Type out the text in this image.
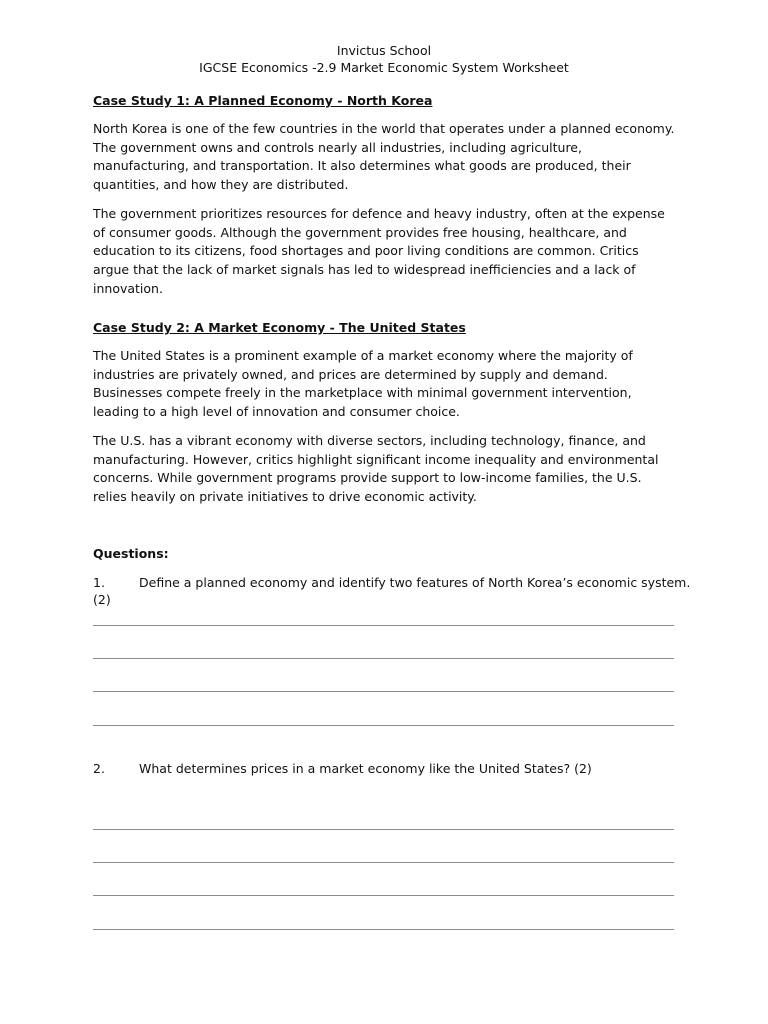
Invictus School

IGCSE Economics -2.9 Market Economic System Worksheet

Case Study 1: A Planned Economy - North Korea

North Korea is one of the few countries in the world that operates under a planned economy. The government owns and controls nearly all industries, including agriculture, manufacturing, and transportation. It also determines what goods are produced, their quantities, and how they are distributed.

The government prioritizes resources for defence and heavy industry, often at the expense of consumer goods. Although the government provides free housing, healthcare, and education to its citizens, food shortages and poor living conditions are common. Critics argue that the lack of market signals has led to widespread inefficiencies and a lack of innovation.

Case Study 2: A Market Economy - The United States

The United States is a prominent example of a market economy where the majority of industries are privately owned, and prices are determined by supply and demand. Businesses compete freely in the marketplace with minimal government intervention, leading to a high level of innovation and consumer choice.

The U.S. has a vibrant economy with diverse sectors, including technology, finance, and manufacturing. However, critics highlight significant income inequality and environmental concerns. While government programs provide support to low-income families, the U.S. relies heavily on private initiatives to drive economic activity.

Questions:

1.	Define a planned economy and identify two features of North Korea’s economic system. (2)
2.	What determines prices in a market economy like the United States? (2)
